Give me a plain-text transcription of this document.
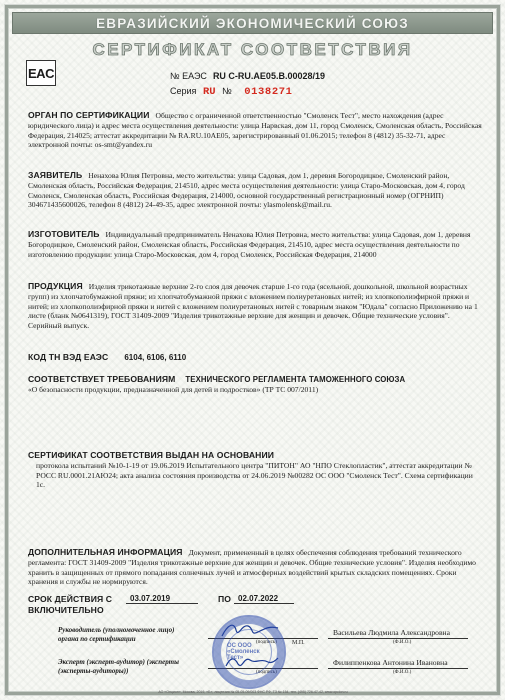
ЕВРАЗИЙСКИЙ ЭКОНОМИЧЕСКИЙ СОЮЗ
СЕРТИФИКАТ СООТВЕТСТВИЯ
EAC	№ ЕАЭС RU C-RU.АЕ05.В.00028/19
Серия RU № 0138271
ОРГАН ПО СЕРТИФИКАЦИИ Общество с ограниченной ответственностью "Смоленск Тест", место нахождения (адрес юридического лица) и адрес места осуществления деятельности: улица Нарвская, дом 11, город Смоленск, Смоленская область, Российская Федерация, 214025; аттестат аккредитации № RA.RU.10АЕ05, зарегистрированный 01.06.2015; телефон 8 (4812) 35-32-71, адрес электронной почты: os-smt@yandex.ru
ЗАЯВИТЕЛЬ Ненахова Юлия Петровна, место жительства: улица Садовая, дом 1, деревня Богородицкое, Смоленский район, Смоленская область, Российская Федерация, 214510, адрес места осуществления деятельности: улица Старо-Московская, дом 4, город Смоленск, Смоленская область, Российская Федерация, 214000, основной государственный регистрационный номер (ОГРНИП) 304671435600026, телефон 8 (4812) 24-49-35, адрес электронной почты: ylasmolensk@mail.ru.
ИЗГОТОВИТЕЛЬ Индивидуальный предприниматель Ненахова Юлия Петровна, место жительства: улица Садовая, дом 1, деревня Богородицкое, Смоленский район, Смоленская область, Российская Федерация, 214510, адрес места осуществления деятельности по изготовлению продукции: улица Старо-Московская, дом 4, город Смоленск, Российская Федерация, 214000
ПРОДУКЦИЯ Изделия трикотажные верхние 2-го слоя для девочек старше 1-го года (ясельной, дошкольной, школьной возрастных групп) из хлопчатобумажной пряжи; из хлопчатобумажной пряжи с вложением полиуретановых нитей; из хлопкополиэфирной пряжи и нитей; из хлопкополиэфирной пряжи и нитей с вложением полиуретановых нитей с товарным знаком "Юдала" согласно Приложению на 1 листе (бланк №0641319), ГОСТ 31409-2009 "Изделия трикотажные верхние для женщин и девочек. Общие технические условия". Серийный выпуск.
КОД ТН ВЭД ЕАЭС 6104, 6106, 6110
СООТВЕТСТВУЕТ ТРЕБОВАНИЯМ ТЕХНИЧЕСКОГО РЕГЛАМЕНТА ТАМОЖЕННОГО СОЮЗА
«О безопасности продукции, предназначенной для детей и подростков» (ТР ТС 007/2011)
СЕРТИФИКАТ СООТВЕТСТВИЯ ВЫДАН НА ОСНОВАНИИ
протокола испытаний №10-1-19 от 19.06.2019 Испытательного центра "ПИТОН" АО "НПО Стеклопластик", аттестат аккредитации № РОСС RU.0001.21АЮ24; акта анализа состояния производства от 24.06.2019 №00282 ОС ООО "Смоленск Тест". Схема сертификации 1с.
ДОПОЛНИТЕЛЬНАЯ ИНФОРМАЦИЯ Документ, примененный в целях обеспечения соблюдения требований технического регламента: ГОСТ 31409-2009 "Изделия трикотажные верхние для женщин и девочек. Общие технические условия". Изделия необходимо хранить в защищенных от прямого попадания солнечных лучей и атмосферных воздействий крытых складских помещениях. Сроки хранения и службы не нормируются.
СРОК ДЕЙСТВИЯ С
ВКЛЮЧИТЕЛЬНО
03.07.2019	ПО 02.07.2022
Руководитель (уполномоченное лицо) органа по сертификации	(подпись)	М.П.
Васильева Людмила Александровна
(Ф.И.О.)
Эксперт (эксперт-аудитор) (эксперты (эксперты-аудиторы))	(подпись)
Филиппенкова Антонина Ивановна
(Ф.И.О.)
ОС ООО «Смоленск Тест»
АО «Опцион», Москва, 2019, «Б», лицензия № 05-05-09/003 ФНС РФ, ТЗ № 154, тел. (495) 726-47-42, www.opcion.ru
